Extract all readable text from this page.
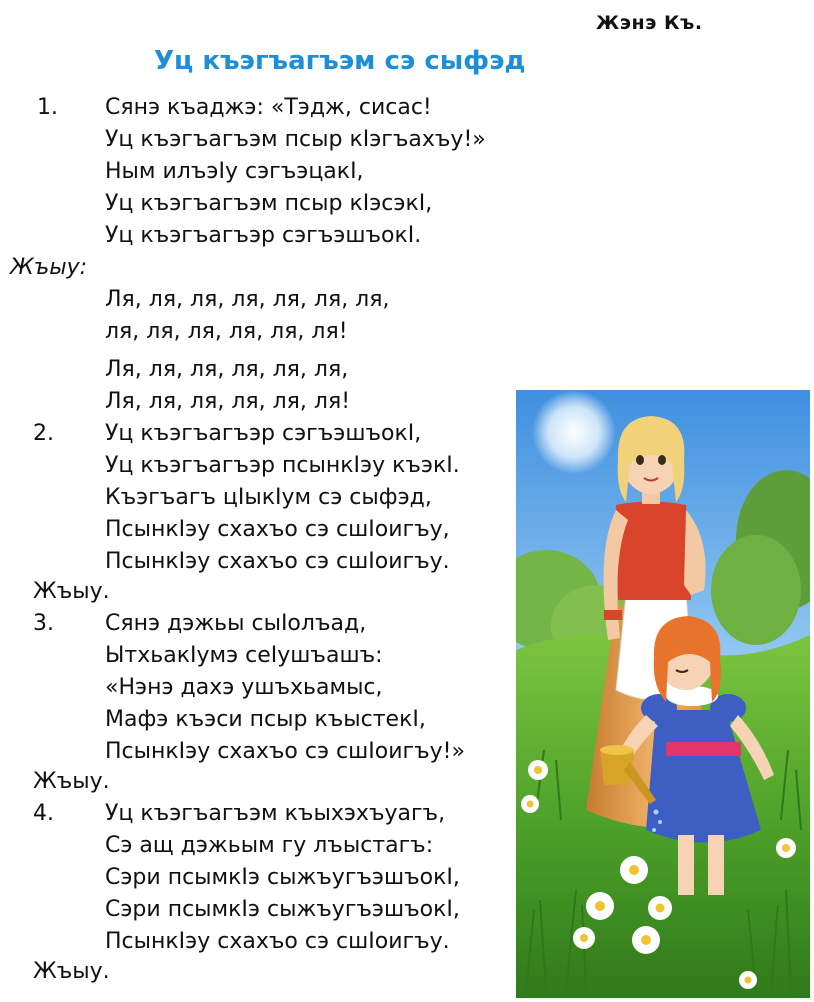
Жэнэ Къ.
Уц къэгъагъэм сэ сыфэд
1. Сянэ къаджэ: «Тэдж, сисас!
Уц къэгъагъэм псыр кIэгъахъу!»
Ным илъэIу сэгъэцакI,
Уц къэгъагъэм псыр кIэсэкI,
Уц къэгъагъэр сэгъэшъокI.
Жъыу:
Ля, ля, ля, ля, ля, ля, ля,
ля, ля, ля, ля, ля, ля!
Ля, ля, ля, ля, ля, ля,
Ля, ля, ля, ля, ля, ля!
2. Уц къэгъагъэр сэгъэшъокI,
Уц къэгъагъэр псынкIэу къэкI.
Къэгъагъ цIыкIум сэ сыфэд,
ПсынкIэу схахъо сэ сшIоигъу,
ПсынкIэу схахъо сэ сшIоигъу.
Жъыу.
3. Сянэ дэжьы сыIолъад,
ЫтхьакIумэ сеIушъашъ:
«Нэнэ дахэ ушъхьамыс,
Мафэ къэси псыр къыстекI,
ПсынкIэу схахъо сэ сшIоигъу!»
Жъыу.
4. Уц къэгъагъэм къыхэхъуагъ,
Сэ ащ дэжьым гу лъыстагъ:
Сэри псымкIэ сыжъугъэшъокI,
Сэри псымкIэ сыжъугъэшъокI,
ПсынкIэу схахъо сэ сшIоигъу.
Жъыу.
